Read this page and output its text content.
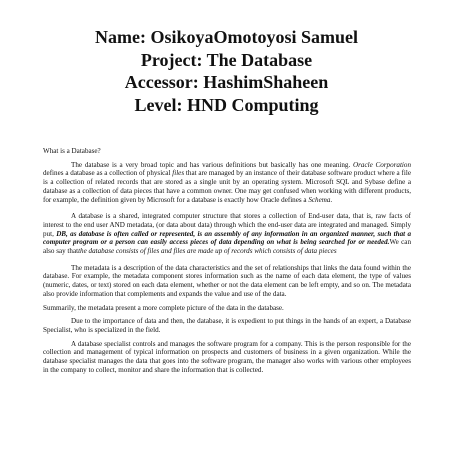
Name: OsikoyaOmotoyosi Samuel
Project: The Database
Accessor: HashimShaheen
Level: HND Computing

What is a Database?

The database is a very broad topic and has various definitions but basically has one meaning. Oracle Corporation defines a database as a collection of physical files that are managed by an instance of their database software product where a file is a collection of related records that are stored as a single unit by an operating system. Microsoft SQL and Sybase define a database as a collection of data pieces that have a common owner. One may get confused when working with different products, for example, the definition given by Microsoft for a database is exactly how Oracle defines a Schema.

A database is a shared, integrated computer structure that stores a collection of End-user data, that is, raw facts of interest to the end user AND metadata, (or data about data) through which the end-user data are integrated and managed. Simply put, DB, as database is often called or represented, is an assembly of any information in an organized manner, such that a computer program or a person can easily access pieces of data depending on what is being searched for or needed.We can also say thatthe database consists of files and files are made up of records which consists of data pieces

The metadata is a description of the data characteristics and the set of relationships that links the data found within the database. For example, the metadata component stores information such as the name of each data element, the type of values (numeric, dates, or text) stored on each data element, whether or not the data element can be left empty, and so on. The metadata also provide information that complements and expands the value and use of the data.

Summarily, the metadata present a more complete picture of the data in the database.

Due to the importance of data and then, the database, it is expedient to put things in the hands of an expert, a Database Specialist, who is specialized in the field.

A database specialist controls and manages the software program for a company. This is the person responsible for the collection and management of typical information on prospects and customers of business in a given organization. While the database specialist manages the data that goes into the software program, the manager also works with various other employees in the company to collect, monitor and share the information that is collected.
